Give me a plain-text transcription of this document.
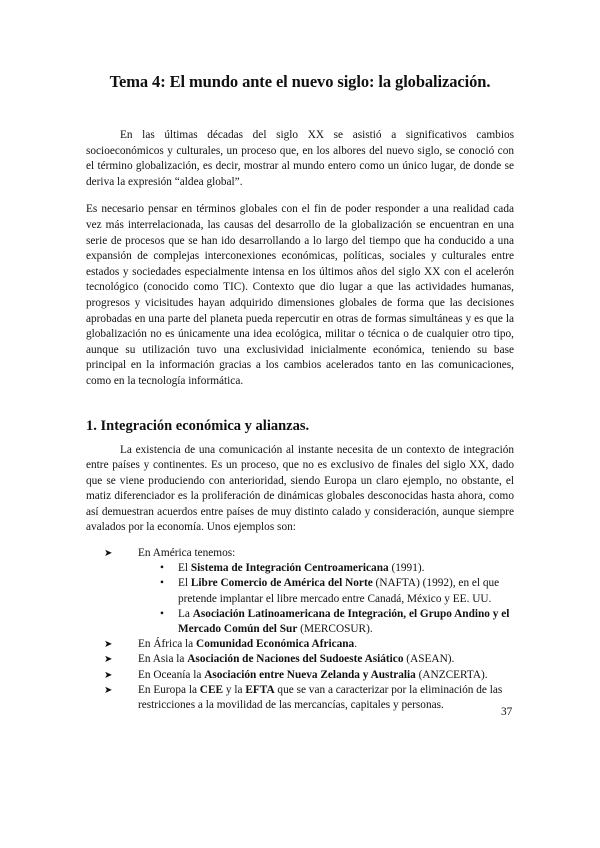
Tema 4: El mundo ante el nuevo siglo: la globalización.

En las últimas décadas del siglo XX se asistió a significativos cambios socioeconómicos y culturales, un proceso que, en los albores del nuevo siglo, se conoció con el término globalización, es decir, mostrar al mundo entero como un único lugar, de donde se deriva la expresión “aldea global”.

Es necesario pensar en términos globales con el fin de poder responder a una realidad cada vez más interrelacionada, las causas del desarrollo de la globalización se encuentran en una serie de procesos que se han ido desarrollando a lo largo del tiempo que ha conducido a una expansión de complejas interconexiones económicas, políticas, sociales y culturales entre estados y sociedades especialmente intensa en los últimos años del siglo XX con el acelerón tecnológico (conocido como TIC). Contexto que dio lugar a que las actividades humanas, progresos y vicisitudes hayan adquirido dimensiones globales de forma que las decisiones aprobadas en una parte del planeta pueda repercutir en otras de formas simultáneas y es que la globalización no es únicamente una idea ecológica, militar o técnica o de cualquier otro tipo, aunque su utilización tuvo una exclusividad inicialmente económica, teniendo su base principal en la información gracias a los cambios acelerados tanto en las comunicaciones, como en la tecnología informática.

1. Integración económica y alianzas.

La existencia de una comunicación al instante necesita de un contexto de integración entre países y continentes. Es un proceso, que no es exclusivo de finales del siglo XX, dado que se viene produciendo con anterioridad, siendo Europa un claro ejemplo, no obstante, el matiz diferenciador es la proliferación de dinámicas globales desconocidas hasta ahora, como así demuestran acuerdos entre países de muy distinto calado y consideración, aunque siempre avalados por la economía. Unos ejemplos son:

➤ En América tenemos:
• El Sistema de Integración Centroamericana (1991).
• El Libre Comercio de América del Norte (NAFTA) (1992), en el que pretende implantar el libre mercado entre Canadá, México y EE. UU.
• La Asociación Latinoamericana de Integración, el Grupo Andino y el Mercado Común del Sur (MERCOSUR).
➤ En África la Comunidad Económica Africana.
➤ En Asia la Asociación de Naciones del Sudoeste Asiático (ASEAN).
➤ En Oceanía la Asociación entre Nueva Zelanda y Australia (ANZCERTA).
➤ En Europa la CEE y la EFTA que se van a caracterizar por la eliminación de las restricciones a la movilidad de las mercancías, capitales y personas.
37
